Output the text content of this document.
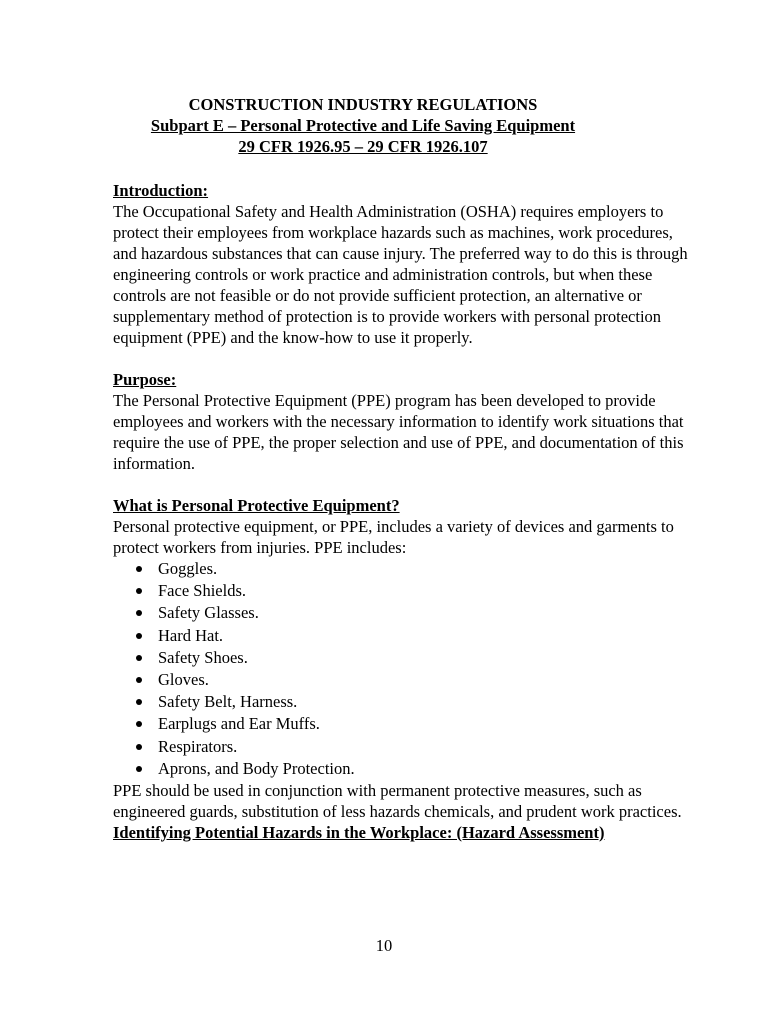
CONSTRUCTION INDUSTRY REGULATIONS
Subpart E – Personal Protective and Life Saving Equipment
29 CFR 1926.95 – 29 CFR 1926.107
Introduction:
The Occupational Safety and Health Administration (OSHA) requires employers to protect their employees from workplace hazards such as machines, work procedures, and hazardous substances that can cause injury. The preferred way to do this is through engineering controls or work practice and administration controls, but when these controls are not feasible or do not provide sufficient protection, an alternative or supplementary method of protection is to provide workers with personal protection equipment (PPE) and the know-how to use it properly.
Purpose:
The Personal Protective Equipment (PPE) program has been developed to provide employees and workers with the necessary information to identify work situations that require the use of PPE, the proper selection and use of PPE, and documentation of this information.
What is Personal Protective Equipment?
Personal protective equipment, or PPE, includes a variety of devices and garments to protect workers from injuries. PPE includes:
Goggles.
Face Shields.
Safety Glasses.
Hard Hat.
Safety Shoes.
Gloves.
Safety Belt, Harness.
Earplugs and Ear Muffs.
Respirators.
Aprons, and Body Protection.
PPE should be used in conjunction with permanent protective measures, such as engineered guards, substitution of less hazards chemicals, and prudent work practices.
Identifying Potential Hazards in the Workplace: (Hazard Assessment)
10
